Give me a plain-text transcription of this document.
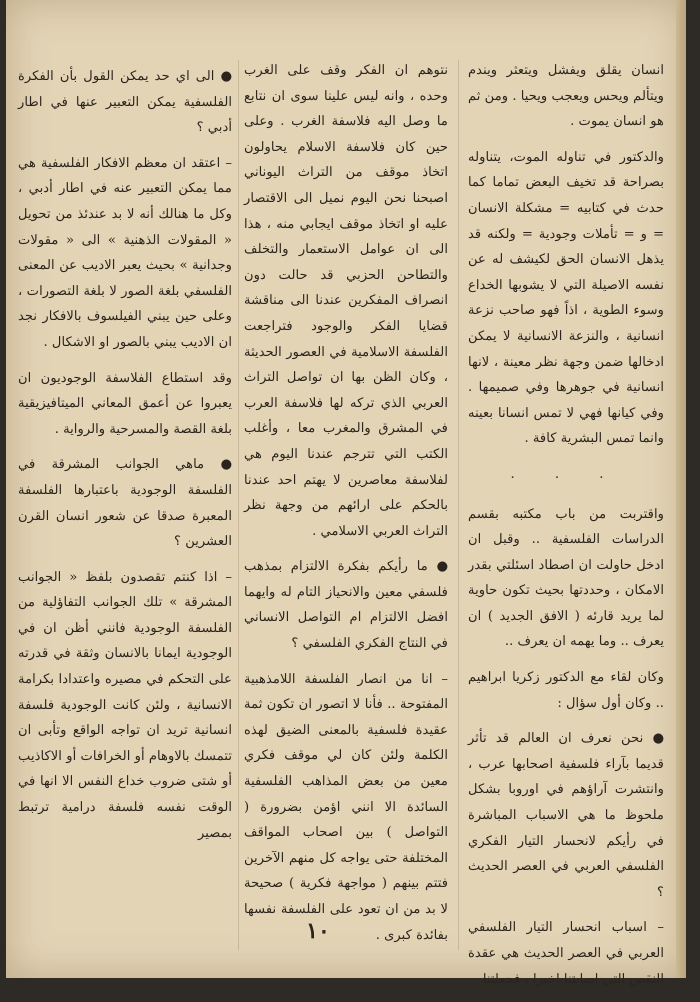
انسان يقلق ويفشل ويتعثر ويندم ويتألم ويحس ويعجب ويحيا . ومن ثم هو انسان يموت .

والدكتور في تناوله الموت، يتناوله بصراحة قد تخيف البعض تماما كما حدث في كتابيه = مشكلة الانسان = و = تأملات وجودية = ولكنه قد يذهل الانسان الحق لكيشف له عن نفسه الاصيلة التي لا يشوبها الخداع وسوء الطوية ، اذاً فهو صاحب نزعة انسانية ، والنزعة الانسانية لا يمكن ادخالها ضمن وجهة نظر معينة ، لانها انسانية في جوهرها وفي صميمها . وفي كيانها فهي لا تمس انسانا بعينه وانما تمس البشرية كافة .

. . .

واقتربت من باب مكتبه بقسم الدراسات الفلسفية .. وقبل ان ادخل حاولت ان اصطاد اسئلتي بقدر الامكان ، وحددتها بحيث تكون حاوية لما يريد قارئه ( الافق الجديد ) ان يعرف .. وما يهمه ان يعرف ..

وكان لقاء مع الدكتور زكريا ابراهيم .. وكان أول سؤال :

● نحن نعرف ان العالم قد تأثر قديما بآراء فلسفية اصحابها عرب ، وانتشرت آراؤهم في اوروبا بشكل ملحوظ ما هي الاسباب المباشرة في رأيكم لانحسار التيار الفكري الفلسفي العربي في العصر الحديث ؟

– اسباب انحسار التيار الفلسفي العربي في العصر الحديث هي عقدة النقص التي اصابتنا اخيرا ، فجعلتنا

نتوهم ان الفكر وقف على الغرب وحده ، وانه ليس علينا سوى ان نتابع ما وصل اليه فلاسفة الغرب . وعلى حين كان فلاسفة الاسلام يحاولون اتخاذ موقف من التراث اليوناني اصبحنا نحن اليوم نميل الى الاقتصار عليه او اتخاذ موقف ايجابي منه ، هذا الى ان عوامل الاستعمار والتخلف والتطاحن الحزبي قد حالت دون انصراف المفكرين عندنا الى مناقشة قضايا الفكر والوجود فتراجعت الفلسفة الاسلامية في العصور الحديثة ، وكان الظن بها ان تواصل التراث العربي الذي تركه لها فلاسفة العرب في المشرق والمغرب معا ، وأغلب الكتب التي تترجم عندنا اليوم هي لفلاسفة معاصرين لا يهتم احد عندنا بالحكم على ارائهم من وجهة نظر التراث العربي الاسلامي .

● ما رأيكم بفكرة الالتزام بمذهب فلسفي معين والانحياز التام له وايهما افضل الالتزام ام التواصل الانساني في النتاج الفكري الفلسفي ؟

– انا من انصار الفلسفة اللامذهبية المفتوحة .. فأنا لا اتصور ان تكون ثمة عقيدة فلسفية بالمعنى الضيق لهذه الكلمة ولئن كان لي موقف فكري معين من بعض المذاهب الفلسفية السائدة الا انني اؤمن بضرورة ( التواصل ) بين اصحاب المواقف المختلفة حتى يواجه كل منهم الآخرين فتتم بينهم ( مواجهة فكرية ) صحيحة لا بد من ان تعود على الفلسفة نفسها بفائدة كبرى .

● الى اي حد يمكن القول بأن الفكرة الفلسفية يمكن التعبير عنها في اطار أدبي ؟

– اعتقد ان معظم الافكار الفلسفية هي مما يمكن التعبير عنه في اطار أدبي ، وكل ما هنالك أنه لا بد عندئذ من تحويل « المقولات الذهنية » الى « مقولات وجدانية » بحيث يعبر الاديب عن المعنى الفلسفي بلغة الصور لا بلغة التصورات ، وعلى حين يبني الفيلسوف بالافكار نجد ان الاديب يبني بالصور او الاشكال .

وقد استطاع الفلاسفة الوجوديون ان يعبروا عن أعمق المعاني الميتافيزيقية بلغة القصة والمسرحية والرواية .

● ماهي الجوانب المشرقة في الفلسفة الوجودية باعتبارها الفلسفة المعبرة صدقا عن شعور انسان القرن العشرين ؟

– اذا كنتم تقصدون بلفظ « الجوانب المشرقة » تلك الجوانب التفاؤلية من الفلسفة الوجودية فانني أظن ان في الوجودية ايمانا بالانسان وثقة في قدرته على التحكم في مصيره واعتدادا بكرامة الانسانية ، ولئن كانت الوجودية فلسفة انسانية تريد ان تواجه الواقع وتأبى ان تتمسك بالاوهام أو الخرافات أو الاكاذيب أو شتى ضروب خداع النفس الا انها في الوقت نفسه فلسفة درامية ترتبط بمصير

١٠
